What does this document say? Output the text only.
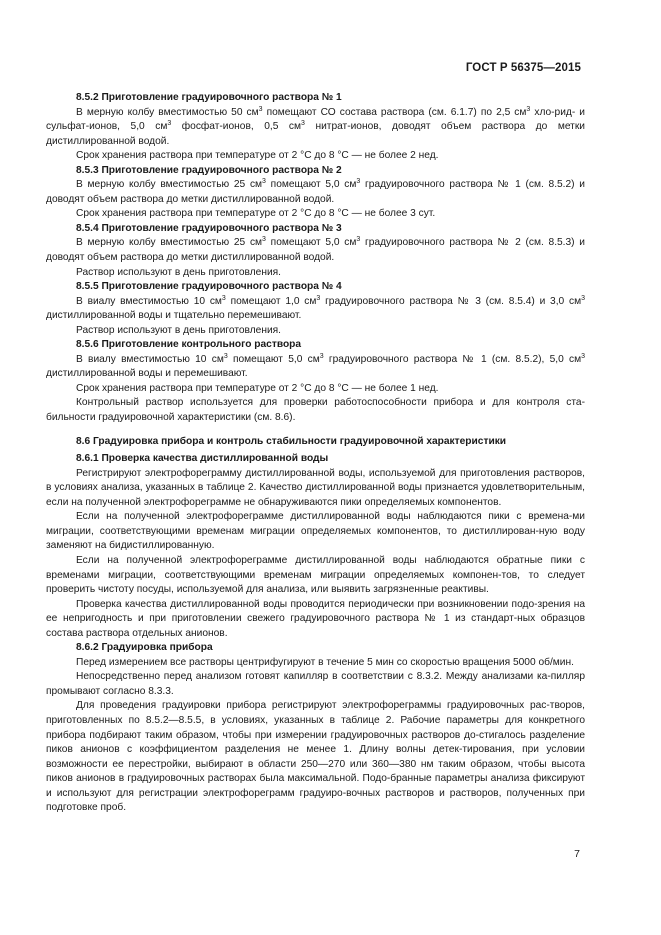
ГОСТ Р 56375—2015

8.5.2 Приготовление градуировочного раствора № 1

В мерную колбу вместимостью 50 $см^3$ помещают СО состава раствора (см. 6.1.7) по 2,5 $см^3$ хло-рид- и сульфат-ионов, 5,0 $см^3$ фосфат-ионов, 0,5 $см^3$ нитрат-ионов, доводят объем раствора до метки дистиллированной водой.

Срок хранения раствора при температуре от 2 °С до 8 °С — не более 2 нед.

8.5.3 Приготовление градуировочного раствора № 2

В мерную колбу вместимостью 25 $см^3$ помещают 5,0 $см^3$ градуировочного раствора № 1 (см. 8.5.2) и доводят объем раствора до метки дистиллированной водой.

Срок хранения раствора при температуре от 2 °С до 8 °С — не более 3 сут.

8.5.4 Приготовление градуировочного раствора № 3

В мерную колбу вместимостью 25 $см^3$ помещают 5,0 $см^3$ градуировочного раствора № 2 (см. 8.5.3) и доводят объем раствора до метки дистиллированной водой.

Раствор используют в день приготовления.

8.5.5 Приготовление градуировочного раствора № 4

В виалу вместимостью 10 $см^3$ помещают 1,0 $см^3$ градуировочного раствора № 3 (см. 8.5.4) и 3,0 $см^3$ дистиллированной воды и тщательно перемешивают.

Раствор используют в день приготовления.

8.5.6 Приготовление контрольного раствора

В виалу вместимостью 10 $см^3$ помещают 5,0 $см^3$ градуировочного раствора № 1 (см. 8.5.2), 5,0 $см^3$ дистиллированной воды и перемешивают.

Срок хранения раствора при температуре от 2 °С до 8 °С — не более 1 нед.

Контрольный раствор используется для проверки работоспособности прибора и для контроля ста-бильности градуировочной характеристики (см. 8.6).

8.6 Градуировка прибора и контроль стабильности градуировочной характеристики

8.6.1 Проверка качества дистиллированной воды

Регистрируют электрофореграмму дистиллированной воды, используемой для приготовления растворов, в условиях анализа, указанных в таблице 2. Качество дистиллированной воды признается удовлетворительным, если на полученной электрофореграмме не обнаруживаются пики определяемых компонентов.

Если на полученной электрофореграмме дистиллированной воды наблюдаются пики с времена-ми миграции, соответствующими временам миграции определяемых компонентов, то дистиллирован-ную воду заменяют на бидистиллированную.

Если на полученной электрофореграмме дистиллированной воды наблюдаются обратные пики с временами миграции, соответствующими временам миграции определяемых компонен-тов, то следует проверить чистоту посуды, используемой для анализа, или выявить загрязненные реактивы.

Проверка качества дистиллированной воды проводится периодически при возникновении подо-зрения на ее непригодность и при приготовлении свежего градуировочного раствора № 1 из стандарт-ных образцов состава раствора отдельных анионов.

8.6.2 Градуировка прибора

Перед измерением все растворы центрифугируют в течение 5 мин со скоростью вращения 5000 об/мин.

Непосредственно перед анализом готовят капилляр в соответствии с 8.3.2. Между анализами ка-пилляр промывают согласно 8.3.3.

Для проведения градуировки прибора регистрируют электрофореграммы градуировочных рас-творов, приготовленных по 8.5.2—8.5.5, в условиях, указанных в таблице 2. Рабочие параметры для конкретного прибора подбирают таким образом, чтобы при измерении градуировочных растворов до-стигалось разделение пиков анионов с коэффициентом разделения не менее 1. Длину волны детек-тирования, при условии возможности ее перестройки, выбирают в области 250—270 или 360—380 нм таким образом, чтобы высота пиков анионов в градуировочных растворах была максимальной. Подо-бранные параметры анализа фиксируют и используют для регистрации электрофореграмм градуиро-вочных растворов и растворов, полученных при подготовке проб.

7
